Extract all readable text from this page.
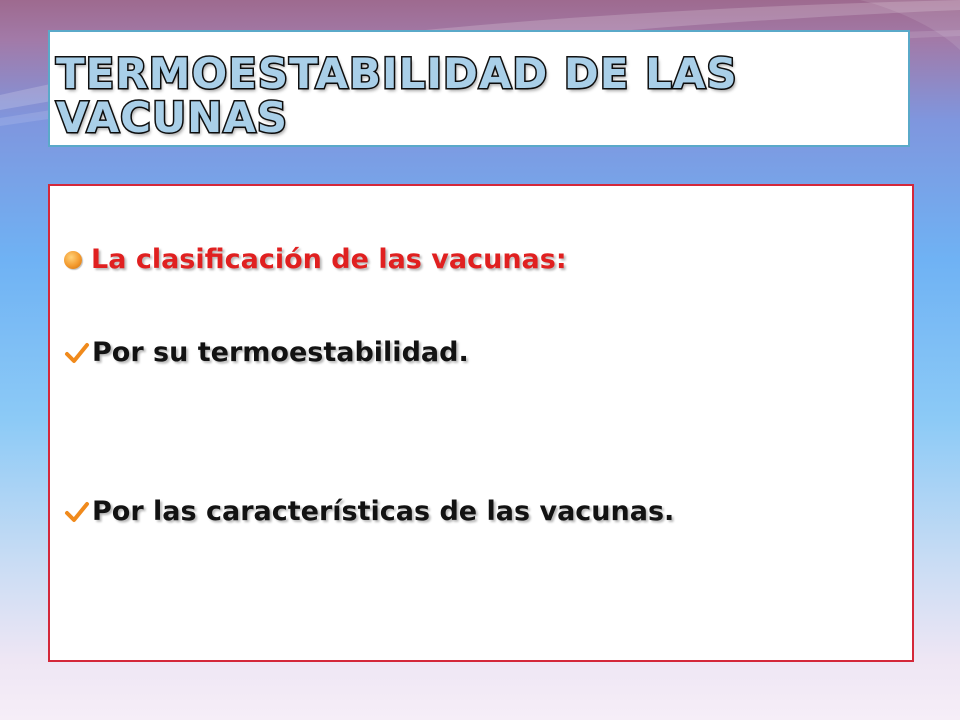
TERMOESTABILIDAD DE LAS
VACUNAS
La clasificación de las vacunas:
Por su termoestabilidad.
Por las características de las vacunas.
